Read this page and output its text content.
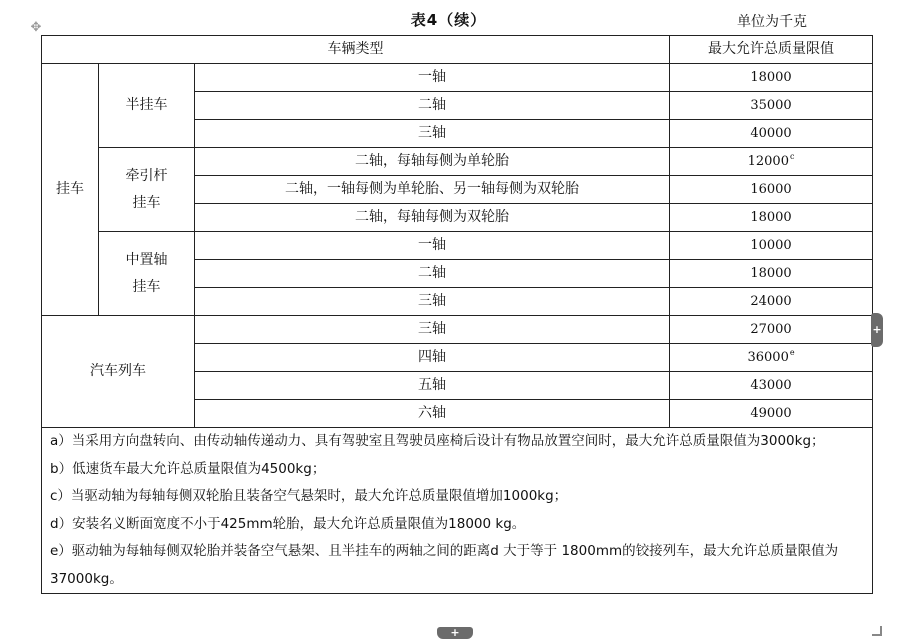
✥	表4（续）	单位为千克
车辆类型			最大允许总质量限值
挂车	半挂车	一轴	18000
		二轴	35000
		三轴	40000
	牵引杆挂车	二轴，每轴每侧为单轮胎	12000$^c$
		二轴，一轴每侧为单轮胎、另一轴每侧为双轮胎	16000
		二轴，每轴每侧为双轮胎	18000
	中置轴挂车	一轴	10000
		二轴	18000
		三轴	24000
汽车列车		三轴	27000
		四轴	36000e
		五轴	43000
		六轴	49000

a）当采用方向盘转向、由传动轴传递动力、具有驾驶室且驾驶员座椅后设计有物品放置空间时，最大允许总质量限值为3000kg；
b）低速货车最大允许总质量限值为4500kg；
c）当驱动轴为每轴每侧双轮胎且装备空气悬架时，最大允许总质量限值增加1000kg；
d）安装名义断面宽度不小于425mm轮胎，最大允许总质量限值为18000 kg。
e）驱动轴为每轴每侧双轮胎并装备空气悬架、且半挂车的两轴之间的距离d 大于等于 1800mm的铰接列车，最大允许总质量限值为37000kg。			
+
+
